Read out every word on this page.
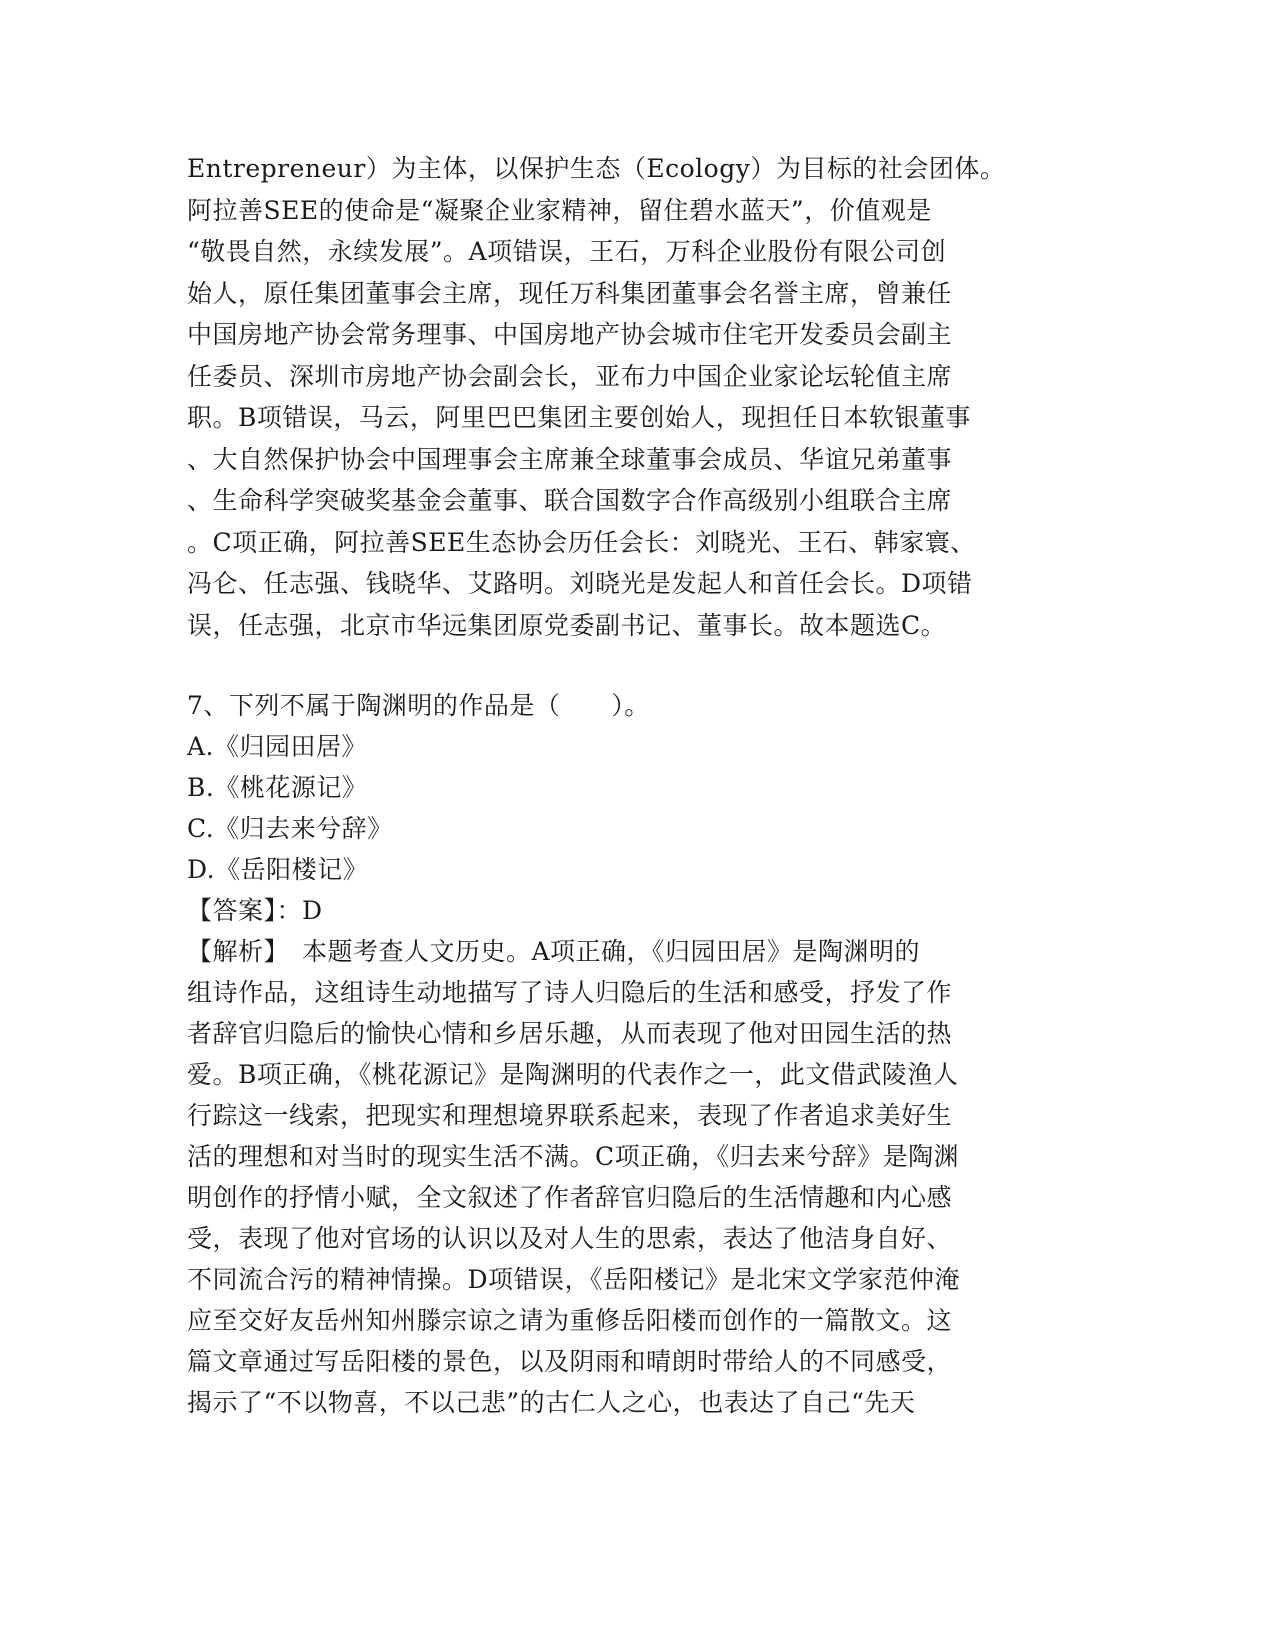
Entrepreneur）为主体，以保护生态（Ecology）为目标的社会团体。
阿拉善SEE的使命是“凝聚企业家精神，留住碧水蓝天”，价值观是
“敬畏自然，永续发展”。A项错误，王石，万科企业股份有限公司创
始人，原任集团董事会主席，现任万科集团董事会名誉主席，曾兼任
中国房地产协会常务理事、中国房地产协会城市住宅开发委员会副主
任委员、深圳市房地产协会副会长，亚布力中国企业家论坛轮值主席
职。B项错误，马云，阿里巴巴集团主要创始人，现担任日本软银董事
、大自然保护协会中国理事会主席兼全球董事会成员、华谊兄弟董事
、生命科学突破奖基金会董事、联合国数字合作高级别小组联合主席
。C项正确，阿拉善SEE生态协会历任会长：刘晓光、王石、韩家寰、
冯仑、任志强、钱晓华、艾路明。刘晓光是发起人和首任会长。D项错
误，任志强，北京市华远集团原党委副书记、董事长。故本题选C。
7、下列不属于陶渊明的作品是（　　）。
A.《归园田居》
B.《桃花源记》
C.《归去来兮辞》
D.《岳阳楼记》
【答案】：D
【解析】　本题考查人文历史。A项正确，《归园田居》是陶渊明的
组诗作品，这组诗生动地描写了诗人归隐后的生活和感受，抒发了作
者辞官归隐后的愉快心情和乡居乐趣，从而表现了他对田园生活的热
爱。B项正确，《桃花源记》是陶渊明的代表作之一，此文借武陵渔人
行踪这一线索，把现实和理想境界联系起来，表现了作者追求美好生
活的理想和对当时的现实生活不满。C项正确，《归去来兮辞》是陶渊
明创作的抒情小赋，全文叙述了作者辞官归隐后的生活情趣和内心感
受，表现了他对官场的认识以及对人生的思索，表达了他洁身自好、
不同流合污的精神情操。D项错误，《岳阳楼记》是北宋文学家范仲淹
应至交好友岳州知州滕宗谅之请为重修岳阳楼而创作的一篇散文。这
篇文章通过写岳阳楼的景色，以及阴雨和晴朗时带给人的不同感受，
揭示了“不以物喜，不以己悲”的古仁人之心，也表达了自己“先天
